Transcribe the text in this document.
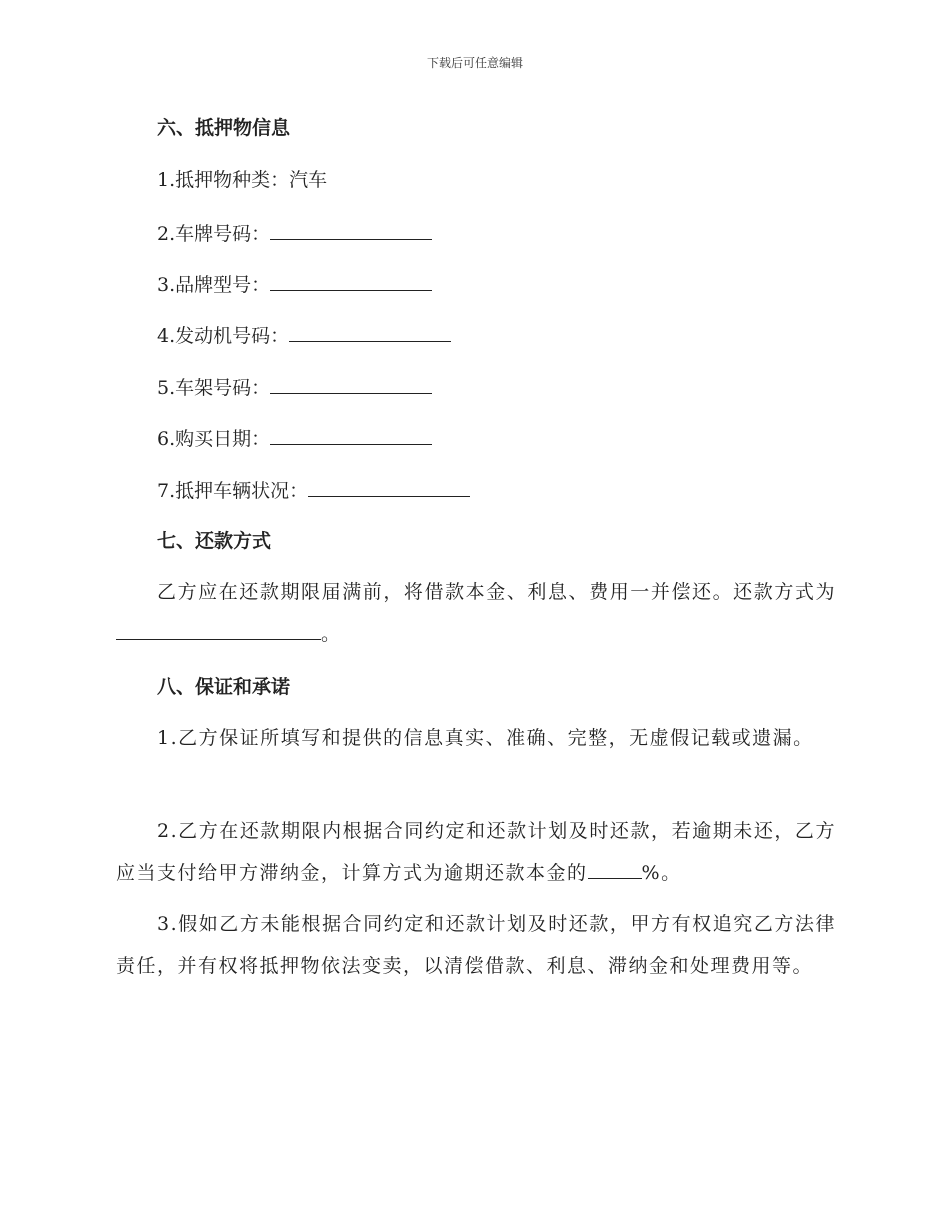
下载后可任意编辑
六、抵押物信息
1.抵押物种类：汽车
2.车牌号码：
3.品牌型号：
4.发动机号码：
5.车架号码：
6.购买日期：
7.抵押车辆状况：
七、还款方式
乙方应在还款期限届满前，将借款本金、利息、费用一并偿还。还款方式为。
八、保证和承诺
1.乙方保证所填写和提供的信息真实、准确、完整，无虚假记载或遗漏。
2.乙方在还款期限内根据合同约定和还款计划及时还款，若逾期未还，乙方应当支付给甲方滞纳金，计算方式为逾期还款本金的	%。
3.假如乙方未能根据合同约定和还款计划及时还款，甲方有权追究乙方法律责任，并有权将抵押物依法变卖，以清偿借款、利息、滞纳金和处理费用等。
